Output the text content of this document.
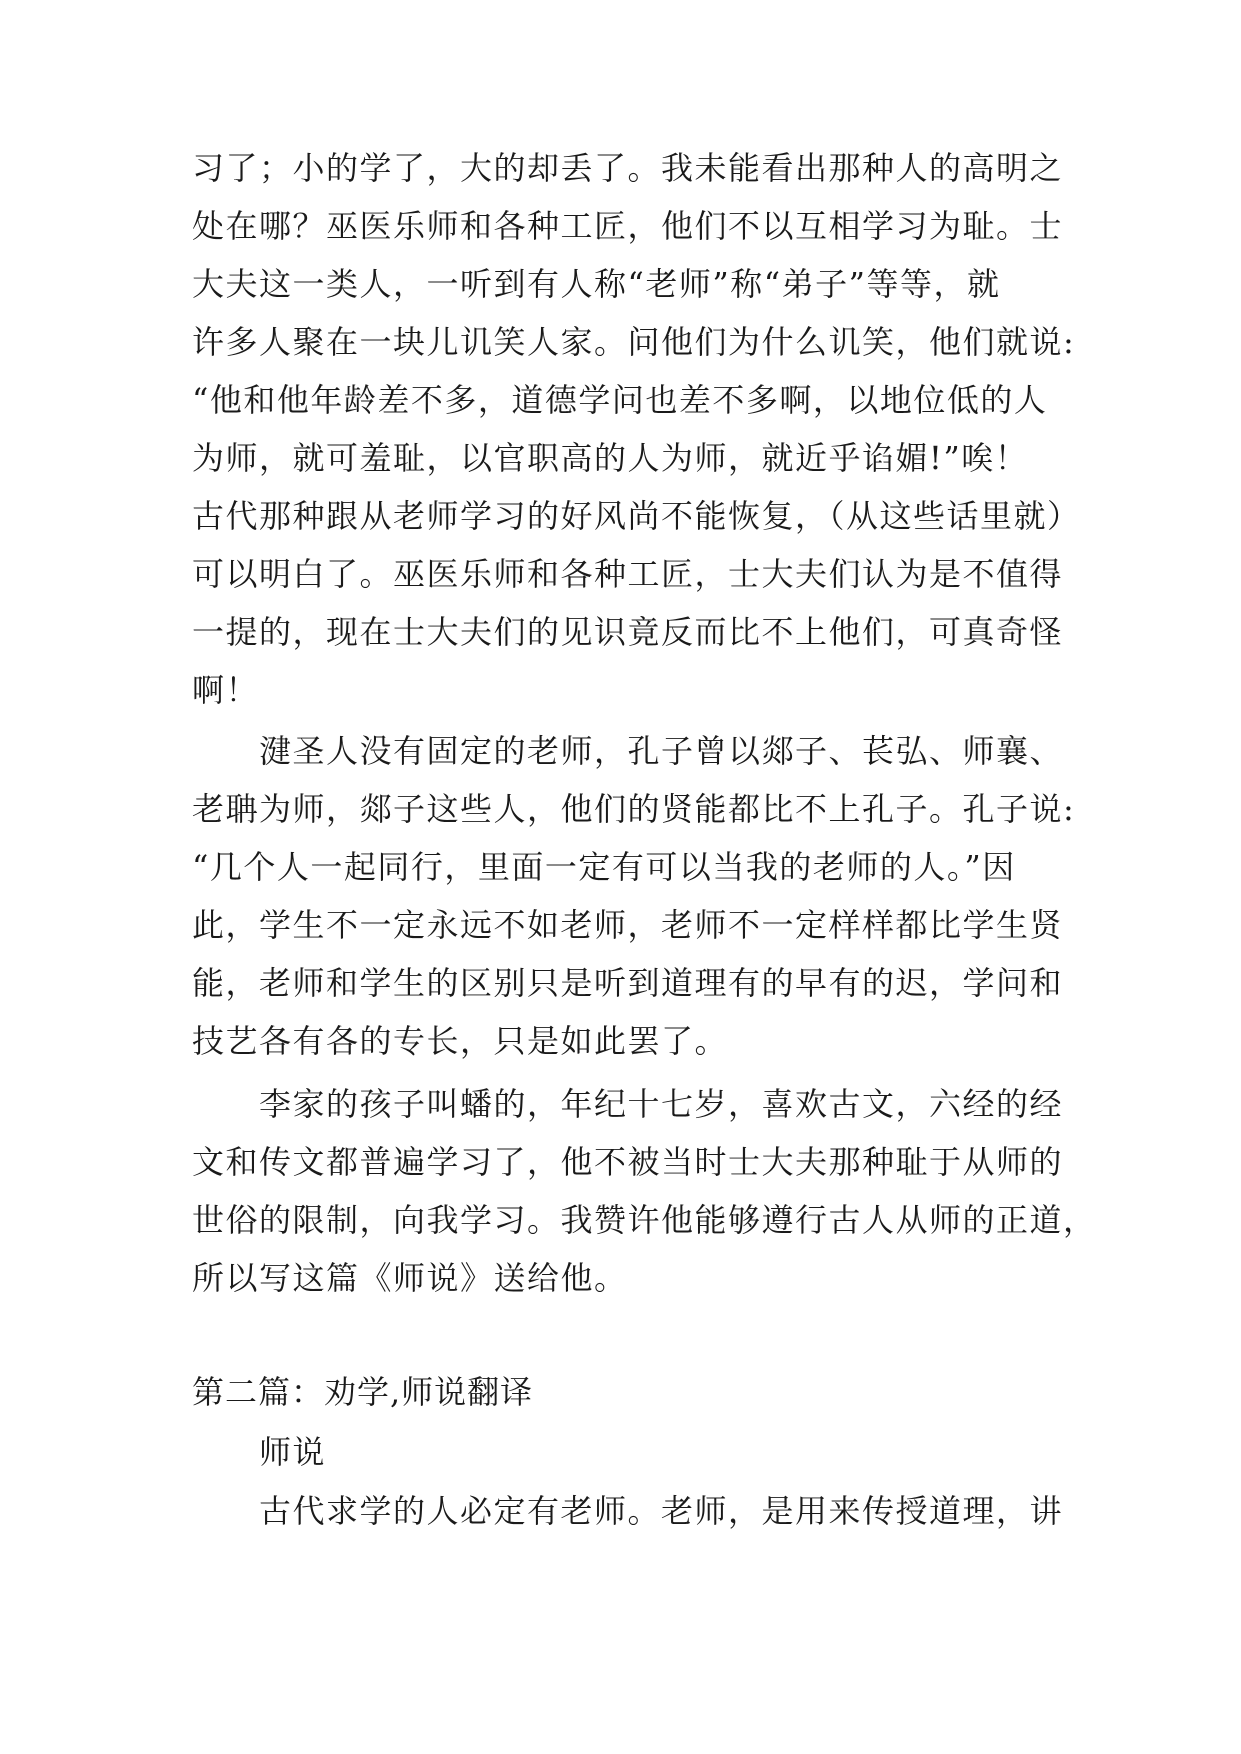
习了；小的学了，大的却丢了。我未能看出那种人的高明之
处在哪？巫医乐师和各种工匠，他们不以互相学习为耻。士
大夫这一类人，一听到有人称“老师”称“弟子”等等，就
许多人聚在一块儿讥笑人家。问他们为什么讥笑，他们就说:
“他和他年龄差不多，道德学问也差不多啊，以地位低的人
为师，就可羞耻，以官职高的人为师，就近乎谄媚!”唉！
古代那种跟从老师学习的好风尚不能恢复，（从这些话里就）
可以明白了。巫医乐师和各种工匠，士大夫们认为是不值得
一提的，现在士大夫们的见识竟反而比不上他们，可真奇怪
啊！
　　湕圣人没有固定的老师，孔子曾以郯子、苌弘、师襄、
老聃为师，郯子这些人，他们的贤能都比不上孔子。孔子说:
“几个人一起同行，里面一定有可以当我的老师的人。”因
此，学生不一定永远不如老师，老师不一定样样都比学生贤
能，老师和学生的区别只是听到道理有的早有的迟，学问和
技艺各有各的专长，只是如此罢了。
　　李家的孩子叫蟠的，年纪十七岁，喜欢古文，六经的经
文和传文都普遍学习了，他不被当时士大夫那种耻于从师的
世俗的限制，向我学习。我赞许他能够遵行古人从师的正道，
所以写这篇《师说》送给他。
第二篇：劝学,师说翻译
　　师说
　　古代求学的人必定有老师。老师，是用来传授道理，讲
